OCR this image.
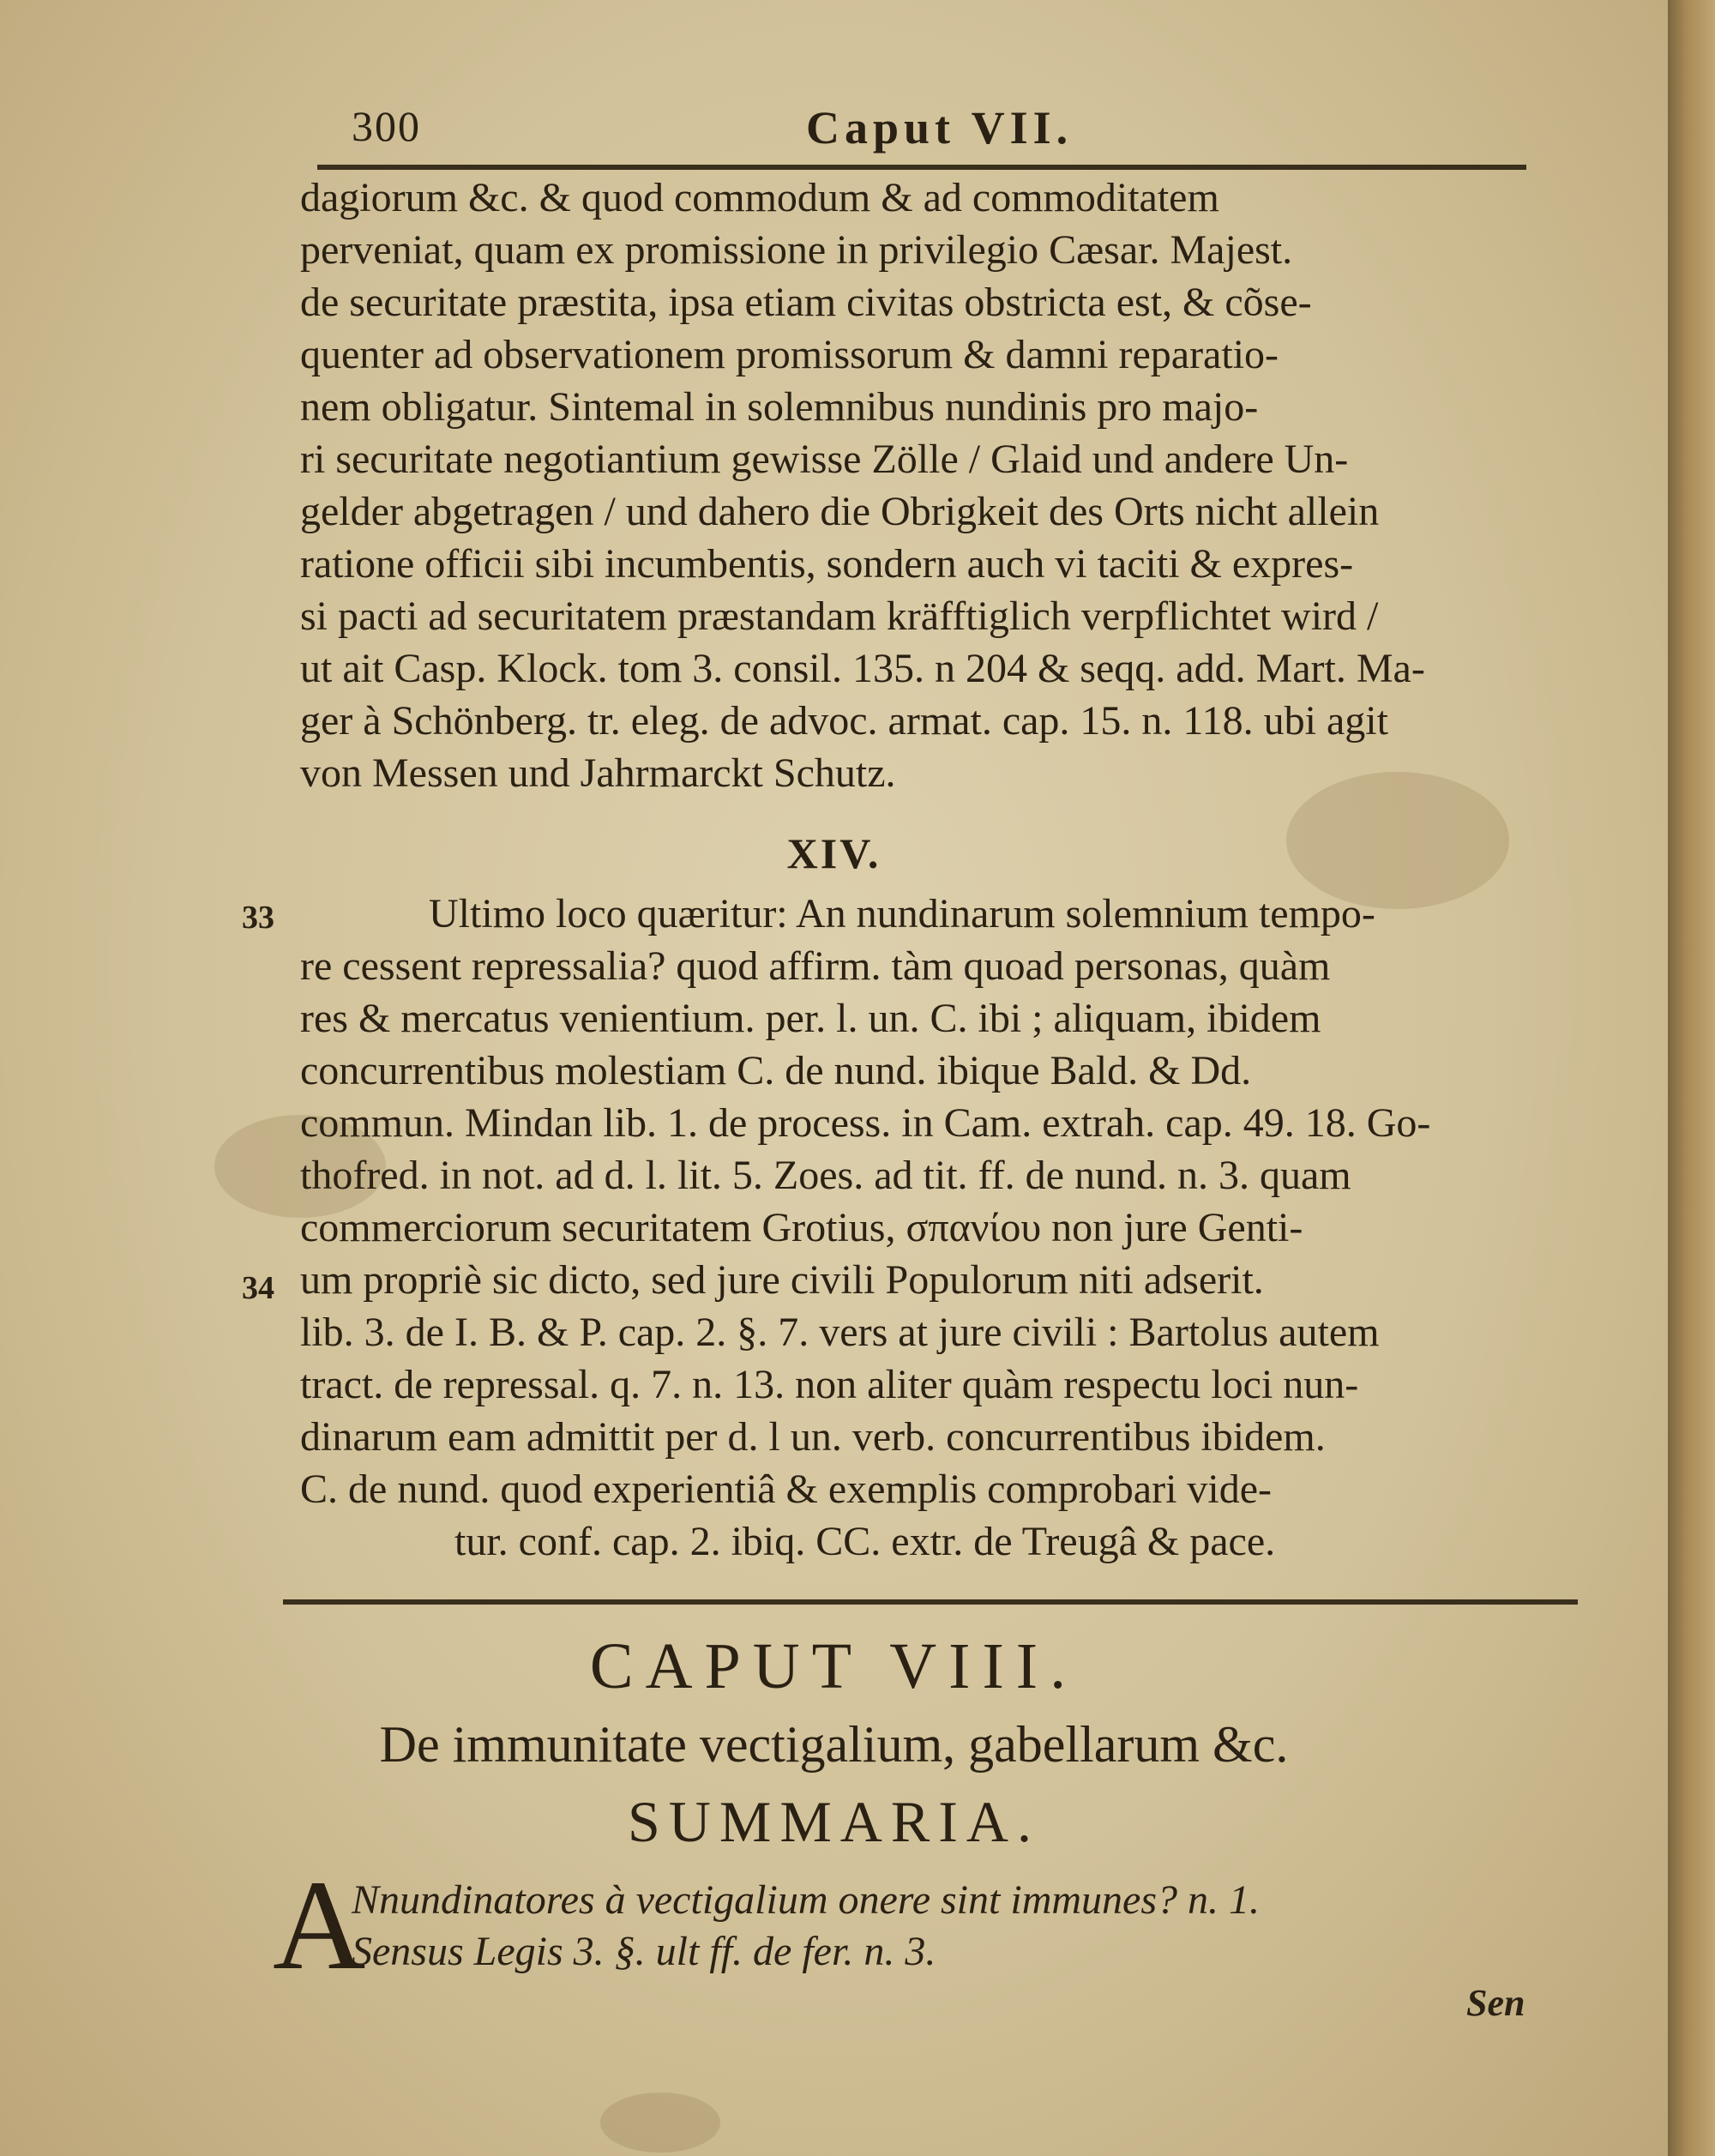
300	Caput VII.
dagiorum &c. & quod commodum & ad commoditatem
perveniat, quam ex promissione in privilegio Cæsar. Majest.
de securitate præstita, ipsa etiam civitas obstricta est, & cõse-
quenter ad observationem promissorum & damni reparatio-
nem obligatur. Sintemal in solemnibus nundinis pro majo-
ri securitate negotiantium gewisse Zölle / Glaid und andere Un-
gelder abgetragen / und dahero die Obrigkeit des Orts nicht allein
ratione officii sibi incumbentis, sondern auch vi taciti & expres-
si pacti ad securitatem præstandam kräfftiglich verpflichtet wird /
ut ait Casp. Klock. tom 3. consil. 135. n 204 & seqq. add. Mart. Ma-
ger à Schönberg. tr. eleg. de advoc. armat. cap. 15. n. 118. ubi agit
von Messen und Jahrmarckt Schutz.
XIV.
33
34
Ultimo loco quæritur: An nundinarum solemnium tempo-
re cessent repressalia? quod affirm. tàm quoad personas, quàm
res & mercatus venientium. per. l. un. C. ibi ; aliquam, ibidem
concurrentibus molestiam C. de nund. ibique Bald. & Dd.
commun. Mindan lib. 1. de process. in Cam. extrah. cap. 49. 18. Go-
thofred. in not. ad d. l. lit. 5. Zoes. ad tit. ff. de nund. n. 3. quam
commerciorum securitatem Grotius, σπανίου non jure Genti-
um propriè sic dicto, sed jure civili Populorum niti adserit.
lib. 3. de I. B. & P. cap. 2. §. 7. vers at jure civili : Bartolus autem
tract. de repressal. q. 7. n. 13. non aliter quàm respectu loci nun-
dinarum eam admittit per d. l un. verb. concurrentibus ibidem.
C. de nund. quod experientiâ & exemplis comprobari vide-
tur. conf. cap. 2. ibiq. CC. extr. de Treugâ & pace.
CAPUT VIII.
De immunitate vectigalium, gabellarum &c.
SUMMARIA.
A
Nnundinatores à vectigalium onere sint immunes? n. 1.
Sensus Legis 3. §. ult ff. de fer. n. 3.
Sen
